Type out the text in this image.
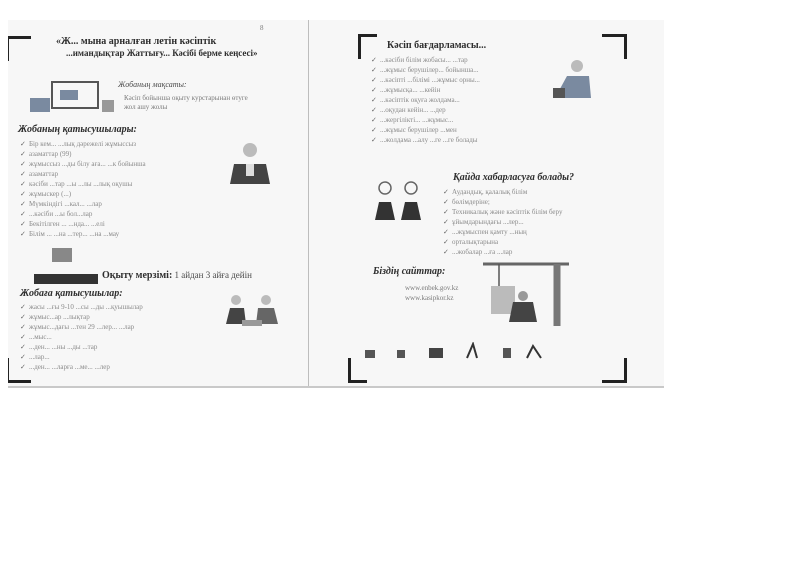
8
«Ж... мына арналған летін кәсіптік
...имандықтар Жаттығу... Кәсібі берме кеңсесі»
Жобаның мақсаты:
Кәсіп бойынша оқыту курстарынан өтуге
жол ашу жолы
Жобаның қатысушылары:
✓ Бір кем... ...лық дәрежелі жұмыссыз
✓ азаматтар (99)
✓ жұмыссыз ...ды білу аға... ...к бойынша
✓ азаматтар
✓ кәсіби ...тар ...ы ...лы ...лық оқушы
✓ жұмыскер (...)
✓ Мүмкіндігі ...кал... ...лар
✓ ...кәсіби ...ы бол...лар
✓ Бекітілген ... ...нда... ...елі
✓ Білім ... ...на ...тер... ...на ...мау
Оқыту мерзімі: 1 айдан 3 айға дейін
Жобаға қатысушылар:
✓ жасы ...ғы 9-10 ...сы ...ды ...қуышылар
✓ жұмыс...ар ...лықтар
✓ жұмыс...дағы ...тен 29 ...лер... ...лар
✓ ...мыс...
✓ ...ден... ...ны ...ды ...тар
✓ ...лар...
✓ ...ден... ...ларға ...ме... ...лер
Кәсіп бағдарламасы...
✓ ...кәсіби білім жобасы... ...тар
✓ ...жұмыс берушілер... бойынша...
✓ ...кәсіпті ...білімі ...жұмыс орны...
✓ ...жұмысқа... ...кейін
✓ ...кәсіптік оқуға жолдама...
✓ ...оқудан кейін... ...дер
✓ ...жергілікті... ...жұмыс...
✓ ...жұмыс берушілер ...мен
✓ ...жолдама ...алу ...ге ...ге болады
Қайда хабарласуға болады?
✓ Аудандық, қалалық білім
✓ бөлімдеріне;
✓ Техникалық және кәсіптік білім беру
✓ ұйымдарындағы ...лер...
✓ ...жұмыспен қамту ...ның
✓ орталықтарына
✓ ...жобалар ...ға ...лар
Біздің сайттар:
www.enbek.gov.kz
www.kasipkor.kz
